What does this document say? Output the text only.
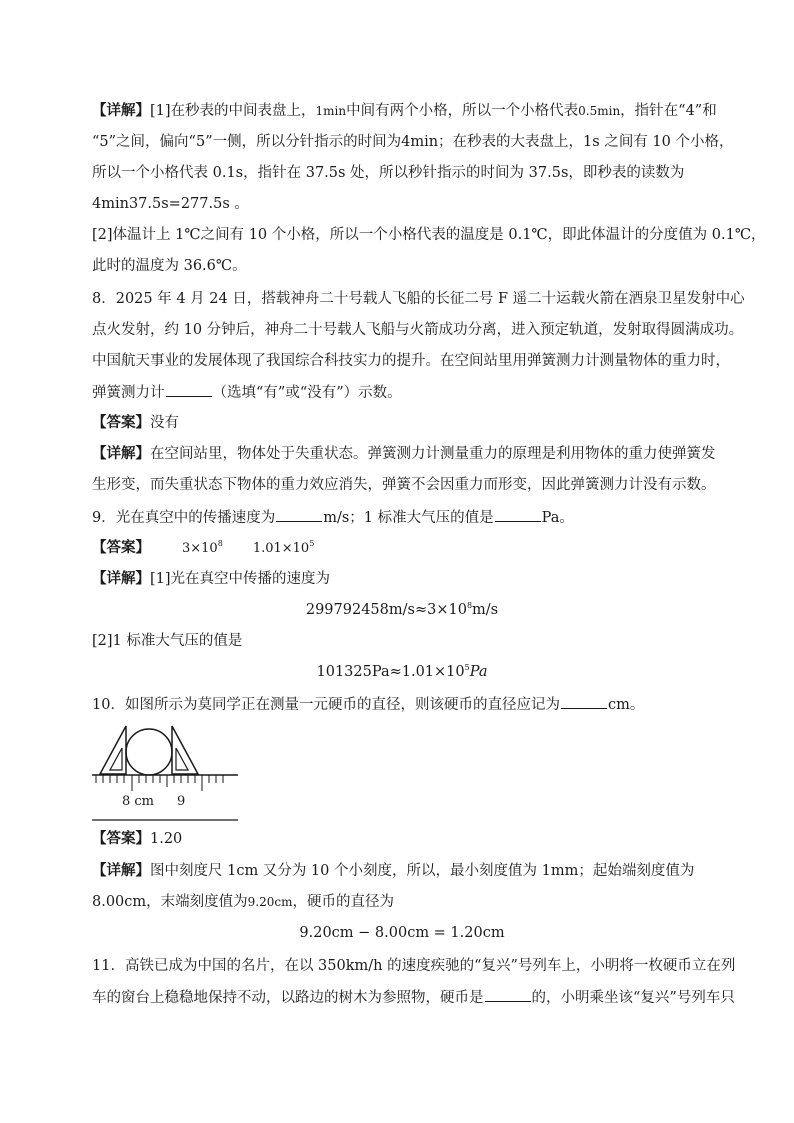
【详解】[1]在秒表的中间表盘上，1min中间有两个小格，所以一个小格代表0.5min，指针在“4”和
“5”之间，偏向“5”一侧，所以分针指示的时间为4min；在秒表的大表盘上，1s 之间有 10 个小格，
所以一个小格代表 0.1s，指针在 37.5s 处，所以秒针指示的时间为 37.5s，即秒表的读数为
4min37.5s=277.5s 。
[2]体温计上 1℃之间有 10 个小格，所以一个小格代表的温度是 0.1℃，即此体温计的分度值为 0.1℃，
此时的温度为 36.6℃。
8．2025 年 4 月 24 日，搭载神舟二十号载人飞船的长征二号 F 遥二十运载火箭在酒泉卫星发射中心
点火发射，约 10 分钟后，神舟二十号载人飞船与火箭成功分离，进入预定轨道，发射取得圆满成功。
中国航天事业的发展体现了我国综合科技实力的提升。在空间站里用弹簧测力计测量物体的重力时，
弹簧测力计	（选填“有”或“没有”）示数。
【答案】没有
【详解】在空间站里，物体处于失重状态。弹簧测力计测量重力的原理是利用物体的重力使弹簧发
生形变，而失重状态下物体的重力效应消失，弹簧不会因重力而形变，因此弹簧测力计没有示数。
9．光在真空中的传播速度为	m/s；1 标准大气压的值是	Pa。
【答案】 $3\times 10^8$ $1.01\times 10^5$
【详解】[1]光在真空中传播的速度为
$299792458m/s\approx 3\times 10^8m/s$
[2]1 标准大气压的值是
$101325Pa\approx 1.01\times 10^5Pa$
10．如图所示为莫同学正在测量一元硬币的直径，则该硬币的直径应记为	cm。
8 cm 9
【答案】1.20
【详解】图中刻度尺 1cm 又分为 10 个小刻度，所以，最小刻度值为 1mm；起始端刻度值为
8.00cm，末端刻度值为9.20cm，硬币的直径为
9.20cm − 8.00cm = 1.20cm
11．高铁已成为中国的名片，在以 350km/h 的速度疾驰的“复兴”号列车上，小明将一枚硬币立在列
车的窗台上稳稳地保持不动，以路边的树木为参照物，硬币是	的，小明乘坐该“复兴”号列车只
